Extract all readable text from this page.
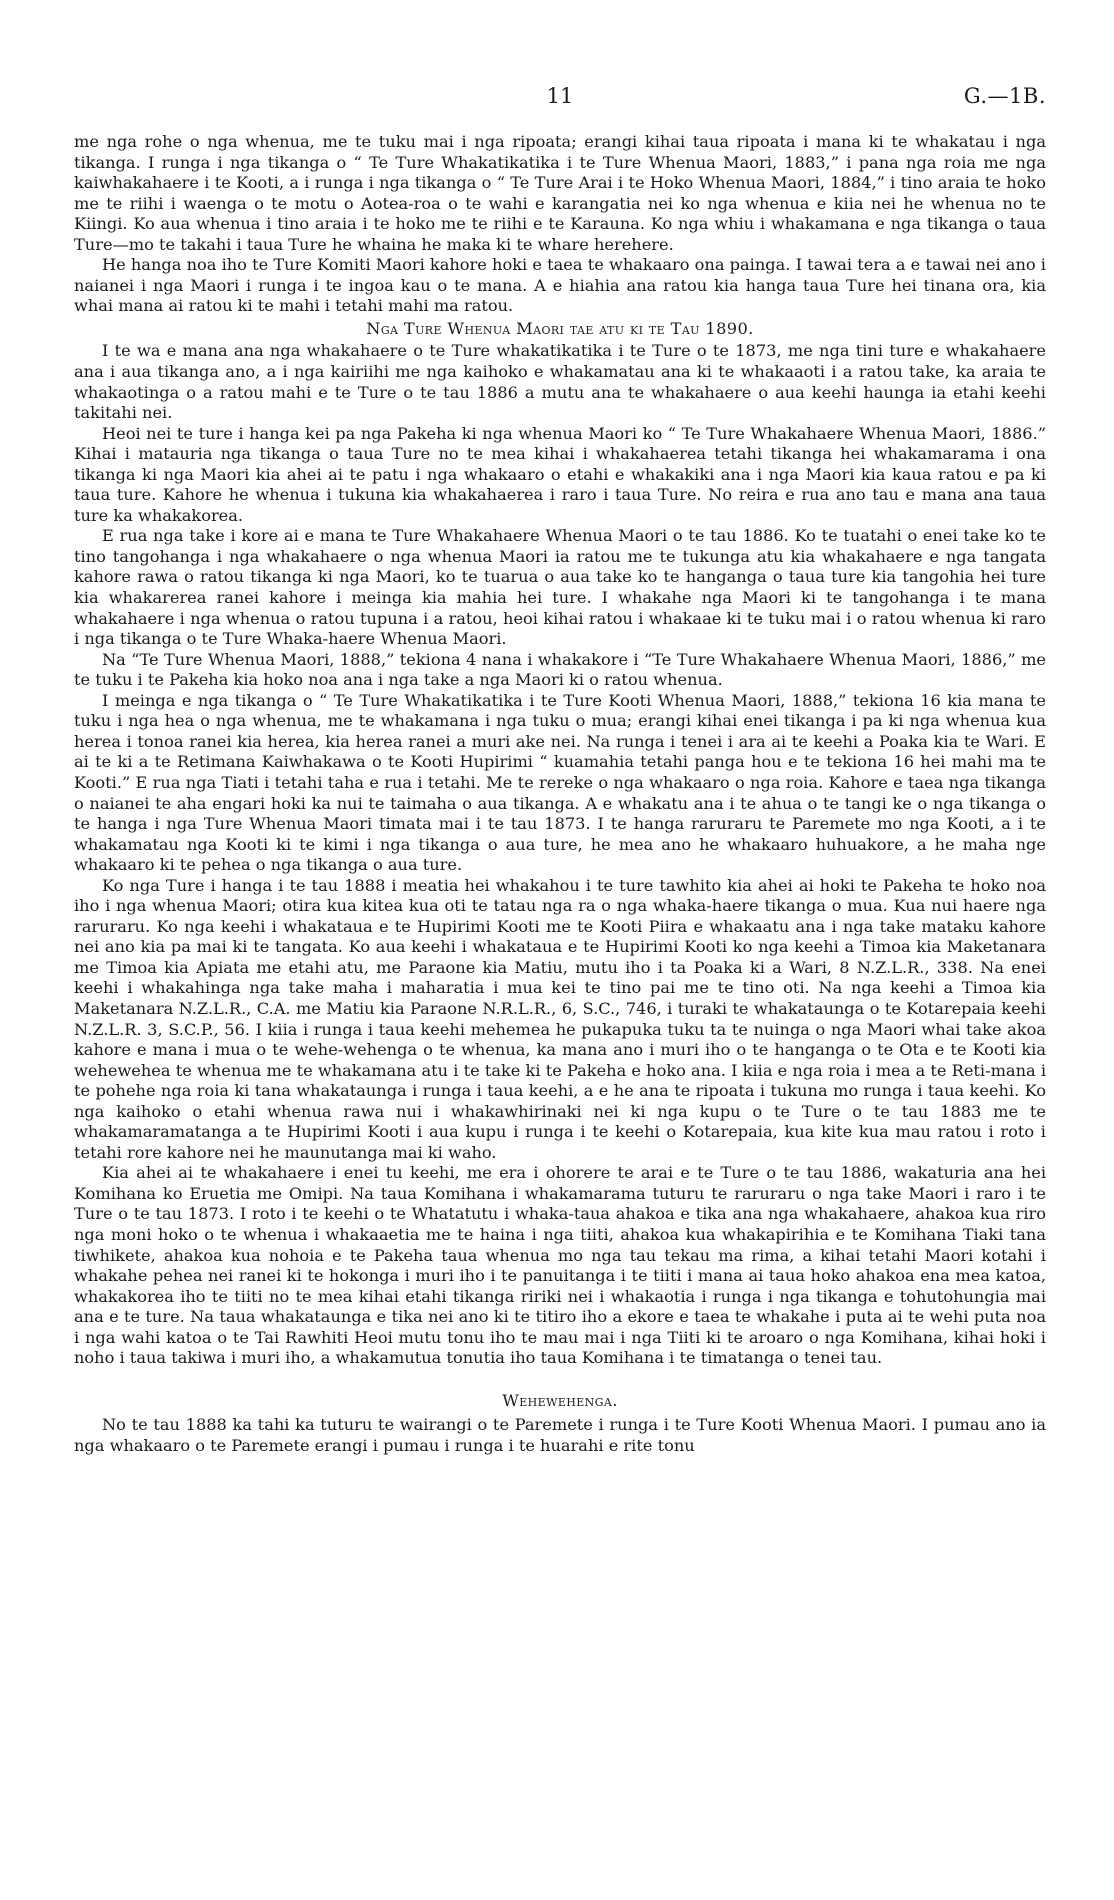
11	G.—1B.

me nga rohe o nga whenua, me te tuku mai i nga ripoata; erangi kihai taua ripoata i mana ki te whakatau i nga tikanga. I runga i nga tikanga o “ Te Ture Whakatikatika i te Ture Whenua Maori, 1883,” i pana nga roia me nga kaiwhakahaere i te Kooti, a i runga i nga tikanga o “ Te Ture Arai i te Hoko Whenua Maori, 1884,” i tino araia te hoko me te riihi i waenga o te motu o Aotea-roa o te wahi e karangatia nei ko nga whenua e kiia nei he whenua no te Kiingi. Ko aua whenua i tino araia i te hoko me te riihi e te Karauna. Ko nga whiu i whakamana e nga tikanga o taua Ture—mo te takahi i taua Ture he whaina he maka ki te whare herehere.

He hanga noa iho te Ture Komiti Maori kahore hoki e taea te whakaaro ona painga. I tawai tera a e tawai nei ano i naianei i nga Maori i runga i te ingoa kau o te mana. A e hiahia ana ratou kia hanga taua Ture hei tinana ora, kia whai mana ai ratou ki te mahi i tetahi mahi ma ratou.

Nga Ture Whenua Maori tae atu ki te Tau 1890.

I te wa e mana ana nga whakahaere o te Ture whakatikatika i te Ture o te 1873, me nga tini ture e whakahaere ana i aua tikanga ano, a i nga kairiihi me nga kaihoko e whakamatau ana ki te whakaaoti i a ratou take, ka araia te whakaotinga o a ratou mahi e te Ture o te tau 1886 a mutu ana te whakahaere o aua keehi haunga ia etahi keehi takitahi nei.

Heoi nei te ture i hanga kei pa nga Pakeha ki nga whenua Maori ko “ Te Ture Whakahaere Whenua Maori, 1886.” Kihai i matauria nga tikanga o taua Ture no te mea kihai i whakahaerea tetahi tikanga hei whakamarama i ona tikanga ki nga Maori kia ahei ai te patu i nga whakaaro o etahi e whakakiki ana i nga Maori kia kaua ratou e pa ki taua ture. Kahore he whenua i tukuna kia whakahaerea i raro i taua Ture. No reira e rua ano tau e mana ana taua ture ka whakakorea.

E rua nga take i kore ai e mana te Ture Whakahaere Whenua Maori o te tau 1886. Ko te tuatahi o enei take ko te tino tangohanga i nga whakahaere o nga whenua Maori ia ratou me te tukunga atu kia whakahaere e nga tangata kahore rawa o ratou tikanga ki nga Maori, ko te tuarua o aua take ko te hanganga o taua ture kia tangohia hei ture kia whakarerea ranei kahore i meinga kia mahia hei ture. I whakahe nga Maori ki te tangohanga i te mana whakahaere i nga whenua o ratou tupuna i a ratou, heoi kihai ratou i whakaae ki te tuku mai i o ratou whenua ki raro i nga tikanga o te Ture Whaka-haere Whenua Maori.

Na “Te Ture Whenua Maori, 1888,” tekiona 4 nana i whakakore i “Te Ture Whakahaere Whenua Maori, 1886,” me te tuku i te Pakeha kia hoko noa ana i nga take a nga Maori ki o ratou whenua.

I meinga e nga tikanga o “ Te Ture Whakatikatika i te Ture Kooti Whenua Maori, 1888,” tekiona 16 kia mana te tuku i nga hea o nga whenua, me te whakamana i nga tuku o mua; erangi kihai enei tikanga i pa ki nga whenua kua herea i tonoa ranei kia herea, kia herea ranei a muri ake nei. Na runga i tenei i ara ai te keehi a Poaka kia te Wari. E ai te ki a te Retimana Kaiwhakawa o te Kooti Hupirimi “ kuamahia tetahi panga hou e te tekiona 16 hei mahi ma te Kooti.” E rua nga Tiati i tetahi taha e rua i tetahi. Me te rereke o nga whakaaro o nga roia. Kahore e taea nga tikanga o naianei te aha engari hoki ka nui te taimaha o aua tikanga. A e whakatu ana i te ahua o te tangi ke o nga tikanga o te hanga i nga Ture Whenua Maori timata mai i te tau 1873. I te hanga raruraru te Paremete mo nga Kooti, a i te whakamatau nga Kooti ki te kimi i nga tikanga o aua ture, he mea ano he whakaaro huhuakore, a he maha nge whakaaro ki te pehea o nga tikanga o aua ture.

Ko nga Ture i hanga i te tau 1888 i meatia hei whakahou i te ture tawhito kia ahei ai hoki te Pakeha te hoko noa iho i nga whenua Maori; otira kua kitea kua oti te tatau nga ra o nga whaka-haere tikanga o mua. Kua nui haere nga raruraru. Ko nga keehi i whakataua e te Hupirimi Kooti me te Kooti Piira e whakaatu ana i nga take mataku kahore nei ano kia pa mai ki te tangata. Ko aua keehi i whakataua e te Hupirimi Kooti ko nga keehi a Timoa kia Maketanara me Timoa kia Apiata me etahi atu, me Paraone kia Matiu, mutu iho i ta Poaka ki a Wari, 8 N.Z.L.R., 338. Na enei keehi i whakahinga nga take maha i maharatia i mua kei te tino pai me te tino oti. Na nga keehi a Timoa kia Maketanara N.Z.L.R., C.A. me Matiu kia Paraone N.R.L.R., 6, S.C., 746, i turaki te whakataunga o te Kotarepaia keehi N.Z.L.R. 3, S.C.P., 56. I kiia i runga i taua keehi mehemea he pukapuka tuku ta te nuinga o nga Maori whai take akoa kahore e mana i mua o te wehe-wehenga o te whenua, ka mana ano i muri iho o te hanganga o te Ota e te Kooti kia wehewehea te whenua me te whakamana atu i te take ki te Pakeha e hoko ana. I kiia e nga roia i mea a te Reti-mana i te pohehe nga roia ki tana whakataunga i runga i taua keehi, a e he ana te ripoata i tukuna mo runga i taua keehi. Ko nga kaihoko o etahi whenua rawa nui i whakawhirinaki nei ki nga kupu o te Ture o te tau 1883 me te whakamaramatanga a te Hupirimi Kooti i aua kupu i runga i te keehi o Kotarepaia, kua kite kua mau ratou i roto i tetahi rore kahore nei he maunutanga mai ki waho.

Kia ahei ai te whakahaere i enei tu keehi, me era i ohorere te arai e te Ture o te tau 1886, wakaturia ana hei Komihana ko Eruetia me Omipi. Na taua Komihana i whakamarama tuturu te raruraru o nga take Maori i raro i te Ture o te tau 1873. I roto i te keehi o te Whatatutu i whaka-taua ahakoa e tika ana nga whakahaere, ahakoa kua riro nga moni hoko o te whenua i whakaaetia me te haina i nga tiiti, ahakoa kua whakapirihia e te Komihana Tiaki tana tiwhikete, ahakoa kua nohoia e te Pakeha taua whenua mo nga tau tekau ma rima, a kihai tetahi Maori kotahi i whakahe pehea nei ranei ki te hokonga i muri iho i te panuitanga i te tiiti i mana ai taua hoko ahakoa ena mea katoa, whakakorea iho te tiiti no te mea kihai etahi tikanga ririki nei i whakaotia i runga i nga tikanga e tohutohungia mai ana e te ture. Na taua whakataunga e tika nei ano ki te titiro iho a ekore e taea te whakahe i puta ai te wehi puta noa i nga wahi katoa o te Tai Rawhiti Heoi mutu tonu iho te mau mai i nga Tiiti ki te aroaro o nga Komihana, kihai hoki i noho i taua takiwa i muri iho, a whakamutua tonutia iho taua Komihana i te timatanga o tenei tau.

Wehewehenga.

No te tau 1888 ka tahi ka tuturu te wairangi o te Paremete i runga i te Ture Kooti Whenua Maori. I pumau ano ia nga whakaaro o te Paremete erangi i pumau i runga i te huarahi e rite tonu
